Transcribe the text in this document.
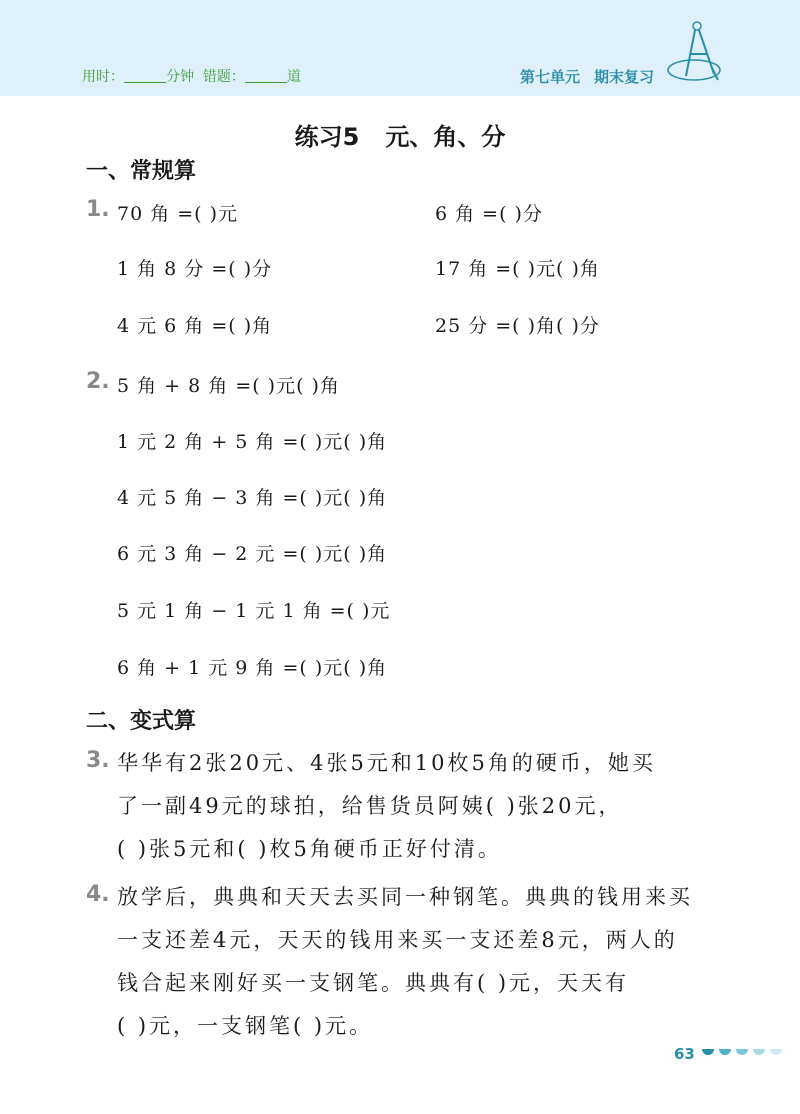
用时：	分钟 错题：	道	第七单元 期末复习
练习5 元、角、分
一、常规算
1. 70 角 =( )元	6 角 =( )分
1 角 8 分 =( )分	17 角 =( )元( )角
4 元 6 角 =( )角	25 分 =( )角( )分
2. 5 角 + 8 角 =( )元( )角
1 元 2 角 + 5 角 =( )元( )角
4 元 5 角 − 3 角 =( )元( )角
6 元 3 角 − 2 元 =( )元( )角
5 元 1 角 − 1 元 1 角 =( )元
6 角 + 1 元 9 角 =( )元( )角
二、变式算
3. 华华有2张20元、4张5元和10枚5角的硬币，她买
了一副49元的球拍，给售货员阿姨( )张20元，
( )张5元和( )枚5角硬币正好付清。
4. 放学后，典典和天天去买同一种钢笔。典典的钱用来买
一支还差4元，天天的钱用来买一支还差8元，两人的
钱合起来刚好买一支钢笔。典典有( )元，天天有
( )元，一支钢笔( )元。
63
